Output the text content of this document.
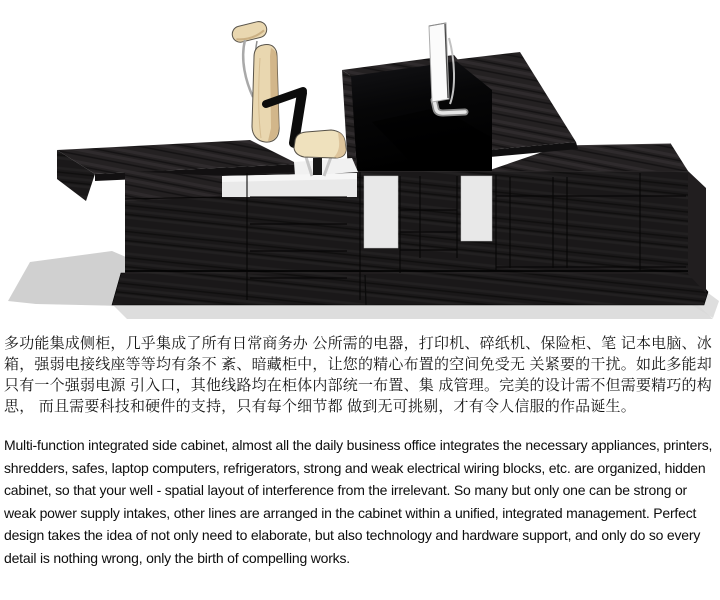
多功能集成侧柜，几乎集成了所有日常商务办 公所需的电器，打印机、碎纸机、保险柜、笔 记本电脑、冰箱，强弱电接线座等等均有条不 紊、暗藏柜中，让您的精心布置的空间免受无 关紧要的干扰。如此多能却只有一个强弱电源 引入口，其他线路均在柜体内部统一布置、集 成管理。完美的设计需不但需要精巧的构思， 而且需要科技和硬件的支持，只有每个细节都 做到无可挑剔，才有令人信服的作品诞生。
Multi-function integrated side cabinet, almost all the daily business office integrates the necessary appliances, printers, shredders, safes, laptop computers, refrigerators, strong and weak electrical wiring blocks, etc. are organized, hidden cabinet, so that your well - spatial layout of interference from the irrelevant. So many but only one can be strong or weak power supply intakes, other lines are arranged in the cabinet within a unified, integrated management. Perfect design takes the idea of not only need to elaborate, but also technology and hardware support, and only do so every detail is nothing wrong, only the birth of compelling works.
